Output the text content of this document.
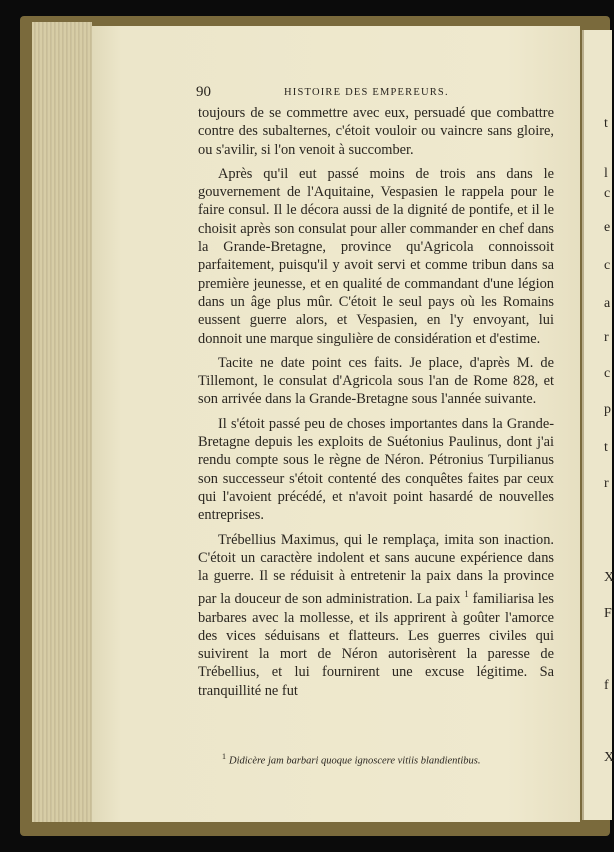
t
l
c
e
c
a
r
c
p
t
r
X
F
f
X
90	HISTOIRE DES EMPEREURS.

toujours de se commettre avec eux, persuadé que combattre contre des subalternes, c'étoit vouloir ou vaincre sans gloire, ou s'avilir, si l'on venoit à succomber.

Après qu'il eut passé moins de trois ans dans le gouvernement de l'Aquitaine, Vespasien le rappela pour le faire consul. Il le décora aussi de la dignité de pontife, et il le choisit après son consulat pour aller commander en chef dans la Grande-Bretagne, province qu'Agricola connoissoit parfaitement, puisqu'il y avoit servi et comme tribun dans sa première jeunesse, et en qualité de commandant d'une légion dans un âge plus mûr. C'étoit le seul pays où les Romains eussent guerre alors, et Vespasien, en l'y envoyant, lui donnoit une marque singulière de considération et d'estime.

Tacite ne date point ces faits. Je place, d'après M. de Tillemont, le consulat d'Agricola sous l'an de Rome 828, et son arrivée dans la Grande-Bretagne sous l'année suivante.

Il s'étoit passé peu de choses importantes dans la Grande-Bretagne depuis les exploits de Suétonius Paulinus, dont j'ai rendu compte sous le règne de Néron. Pétronius Turpilianus son successeur s'étoit contenté des conquêtes faites par ceux qui l'avoient précédé, et n'avoit point hasardé de nouvelles entreprises.

Trébellius Maximus, qui le remplaça, imita son inaction. C'étoit un caractère indolent et sans aucune expérience dans la guerre. Il se réduisit à entretenir la paix dans la province par la douceur de son administration. La paix $^1$ familiarisa les barbares avec la mollesse, et ils apprirent à goûter l'amorce des vices séduisans et flatteurs. Les guerres civiles qui suivirent la mort de Néron autorisèrent la paresse de Trébellius, et lui fournirent une excuse légitime. Sa tranquillité ne fut

$^1$ Didicère jam barbari quoque ignoscere vitiis blandientibus.
